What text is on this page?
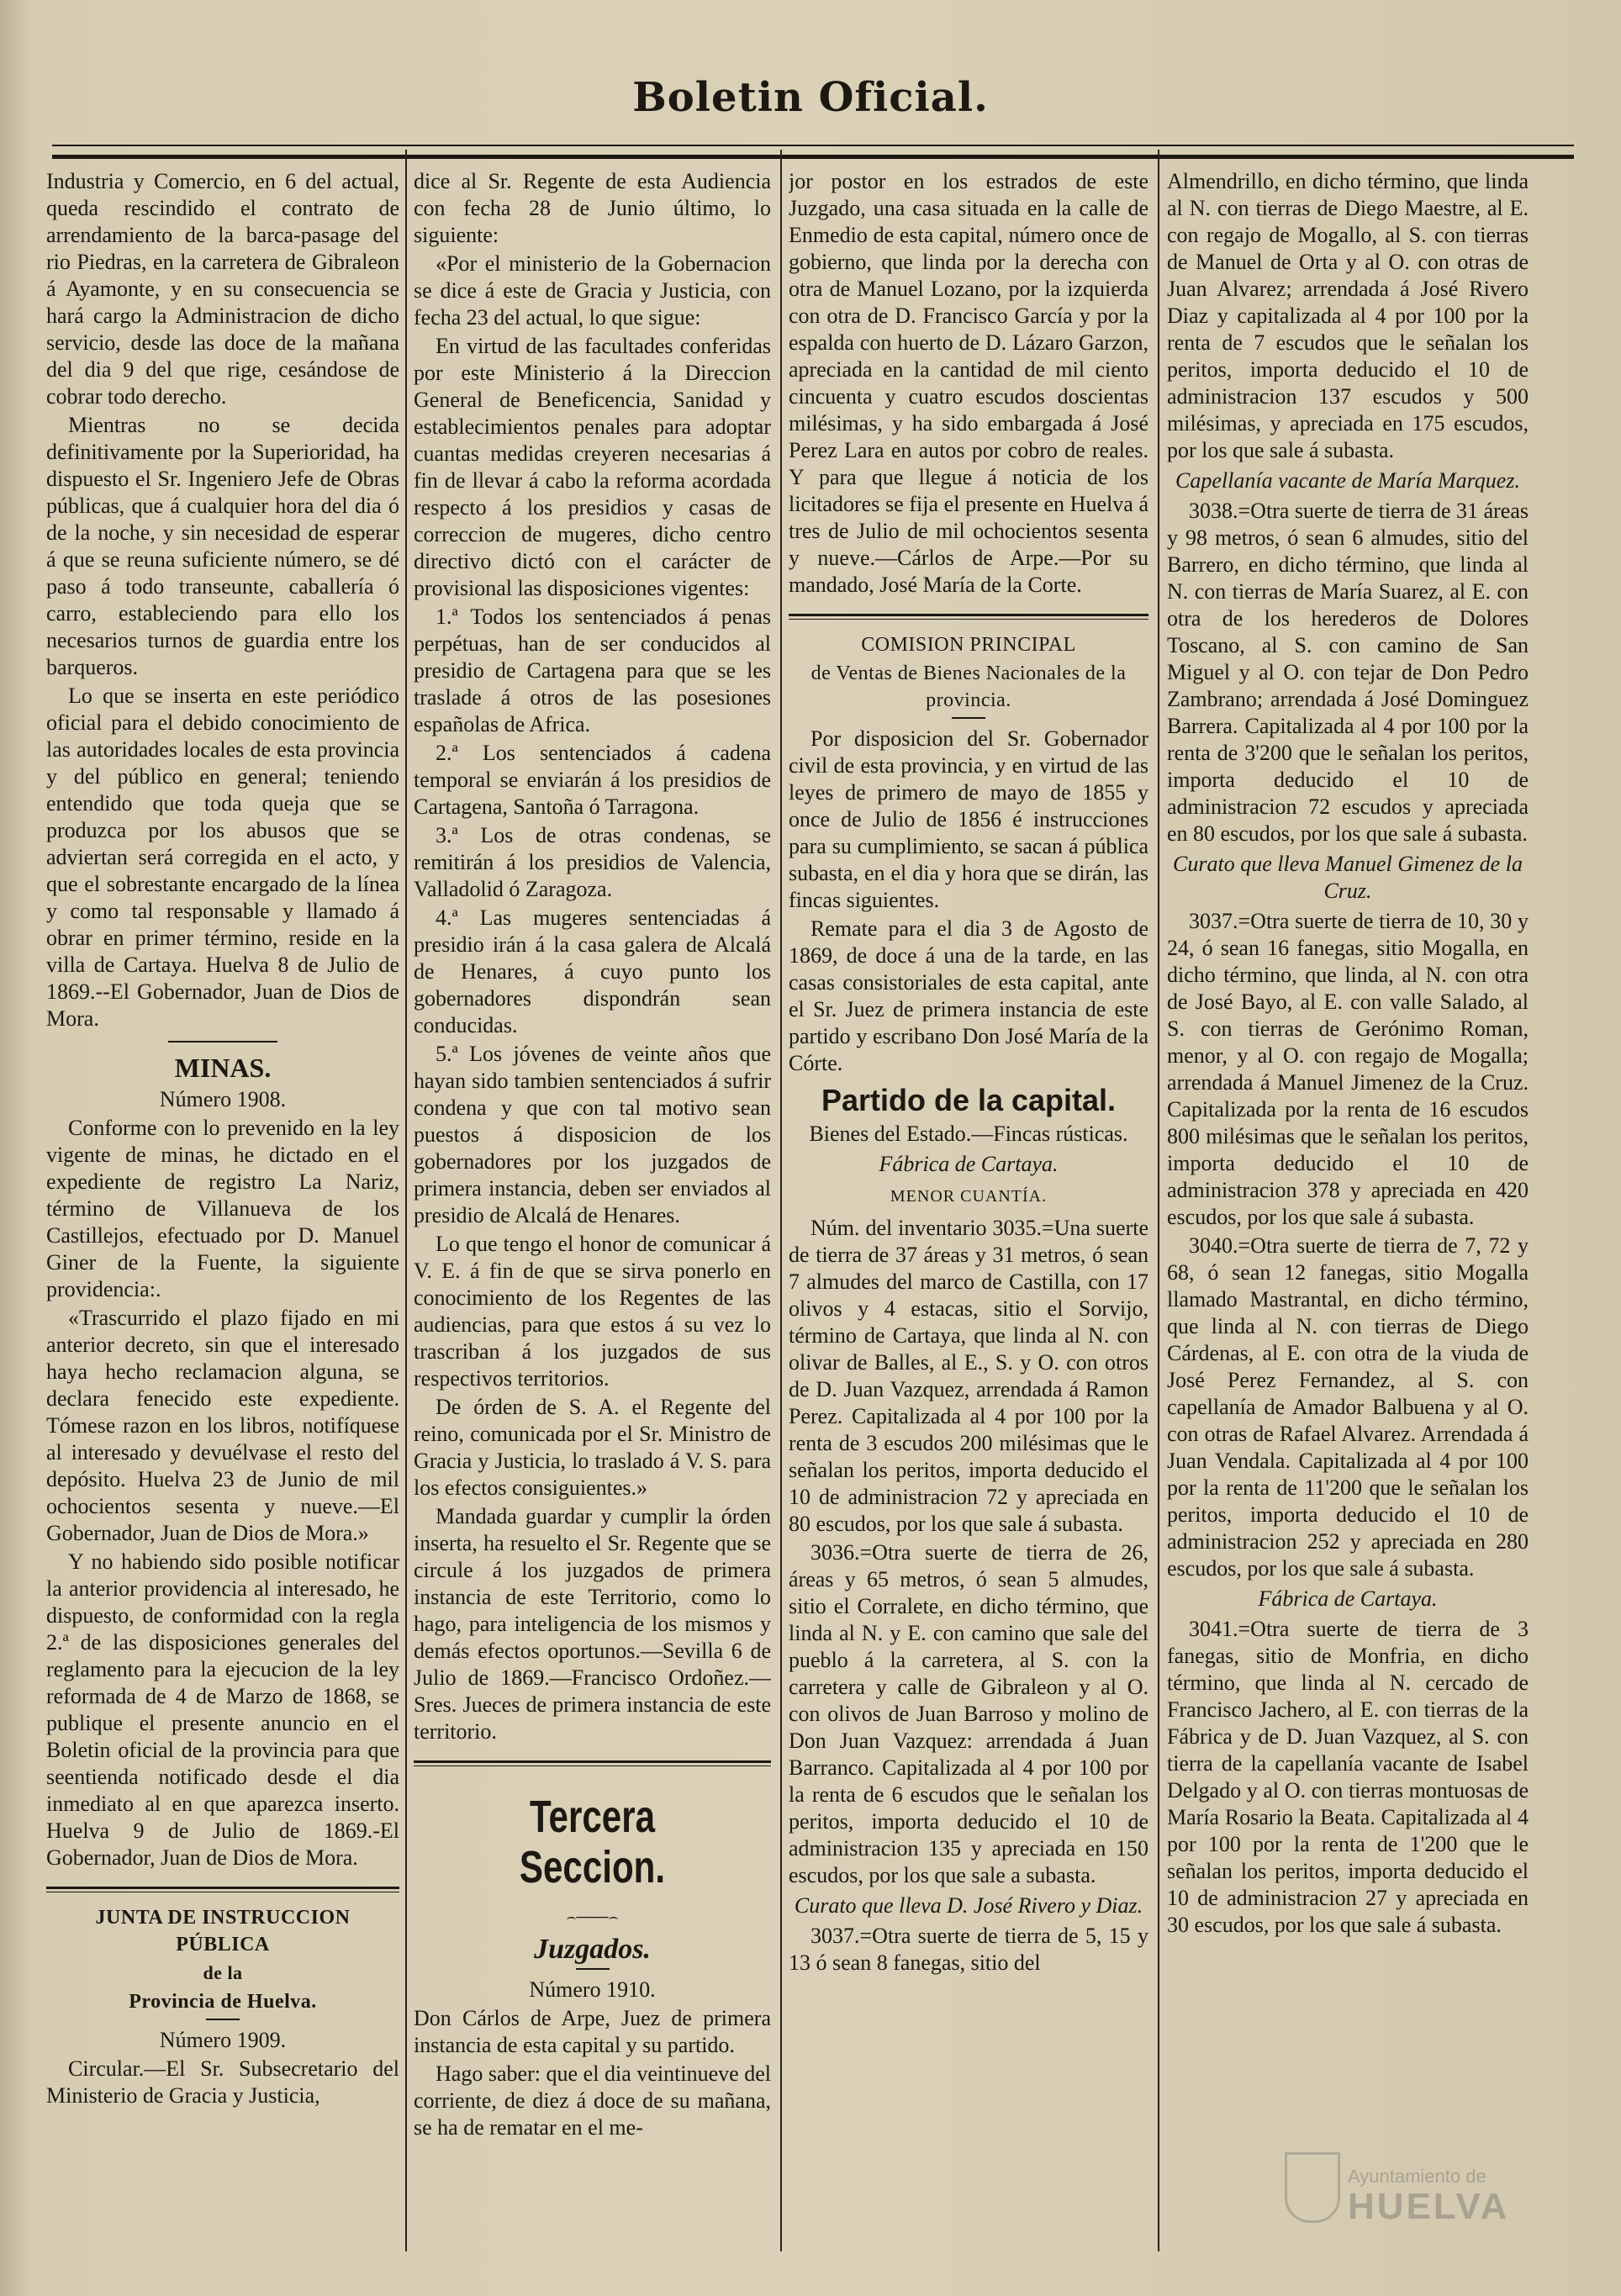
Boletin Oficial.

Industria y Comercio, en 6 del actual, queda rescindido el contrato de arrendamiento de la barca-pasage del rio Piedras, en la carretera de Gibraleon á Ayamonte, y en su consecuencia se hará cargo la Administracion de dicho servicio, desde las doce de la mañana del dia 9 del que rige, cesándose de cobrar todo derecho.

Mientras no se decida definitivamente por la Superioridad, ha dispuesto el Sr. Ingeniero Jefe de Obras públicas, que á cualquier hora del dia ó de la noche, y sin necesidad de esperar á que se reuna suficiente número, se dé paso á todo transeunte, caballería ó carro, estableciendo para ello los necesarios turnos de guardia entre los barqueros.

Lo que se inserta en este periódico oficial para el debido conocimiento de las autoridades locales de esta provincia y del público en general; teniendo entendido que toda queja que se produzca por los abusos que se adviertan será corregida en el acto, y que el sobrestante encargado de la línea y como tal responsable y llamado á obrar en primer término, reside en la villa de Cartaya. Huelva 8 de Julio de 1869.--El Gobernador, Juan de Dios de Mora.

MINAS.

Número 1908.

Conforme con lo prevenido en la ley vigente de minas, he dictado en el expediente de registro La Nariz, término de Villanueva de los Castillejos, efectuado por D. Manuel Giner de la Fuente, la siguiente providencia:.

«Trascurrido el plazo fijado en mi anterior decreto, sin que el interesado haya hecho reclamacion alguna, se declara fenecido este expediente. Tómese razon en los libros, notifíquese al interesado y devuélvase el resto del depósito. Huelva 23 de Junio de mil ochocientos sesenta y nueve.—El Gobernador, Juan de Dios de Mora.»

Y no habiendo sido posible notificar la anterior providencia al interesado, he dispuesto, de conformidad con la regla 2.ª de las disposiciones generales del reglamento para la ejecucion de la ley reformada de 4 de Marzo de 1868, se publique el presente anuncio en el Boletin oficial de la provincia para que seentienda notificado desde el dia inmediato al en que aparezca inserto. Huelva 9 de Julio de 1869.-El Gobernador, Juan de Dios de Mora.

JUNTA DE INSTRUCCION PÚBLICA

de la

Provincia de Huelva.

Número 1909.

Circular.—El Sr. Subsecretario del Ministerio de Gracia y Justicia,

dice al Sr. Regente de esta Audiencia con fecha 28 de Junio último, lo siguiente:

«Por el ministerio de la Gobernacion se dice á este de Gracia y Justicia, con fecha 23 del actual, lo que sigue:

En virtud de las facultades conferidas por este Ministerio á la Direccion General de Beneficencia, Sanidad y establecimientos penales para adoptar cuantas medidas creyeren necesarias á fin de llevar á cabo la reforma acordada respecto á los presidios y casas de correccion de mugeres, dicho centro directivo dictó con el carácter de provisional las disposiciones vigentes:

1.ª Todos los sentenciados á penas perpétuas, han de ser conducidos al presidio de Cartagena para que se les traslade á otros de las posesiones españolas de Africa.

2.ª Los sentenciados á cadena temporal se enviarán á los presidios de Cartagena, Santoña ó Tarragona.

3.ª Los de otras condenas, se remitirán á los presidios de Valencia, Valladolid ó Zaragoza.

4.ª Las mugeres sentenciadas á presidio irán á la casa galera de Alcalá de Henares, á cuyo punto los gobernadores dispondrán sean conducidas.

5.ª Los jóvenes de veinte años que hayan sido tambien sentenciados á sufrir condena y que con tal motivo sean puestos á disposicion de los gobernadores por los juzgados de primera instancia, deben ser enviados al presidio de Alcalá de Henares.

Lo que tengo el honor de comunicar á V. E. á fin de que se sirva ponerlo en conocimiento de los Regentes de las audiencias, para que estos á su vez lo trascriban á los juzgados de sus respectivos territorios.

De órden de S. A. el Regente del reino, comunicada por el Sr. Ministro de Gracia y Justicia, lo traslado á V. S. para los efectos consiguientes.»

Mandada guardar y cumplir la órden inserta, ha resuelto el Sr. Regente que se circule á los juzgados de primera instancia de este Territorio, como lo hago, para inteligencia de los mismos y demás efectos oportunos.—Sevilla 6 de Julio de 1869.—Francisco Ordoñez.—Sres. Jueces de primera instancia de este territorio.

Tercera Seccion.
⌢───⌢
Juzgados.

Número 1910.

Don Cárlos de Arpe, Juez de primera instancia de esta capital y su partido.

Hago saber: que el dia veintinueve del corriente, de diez á doce de su mañana, se ha de rematar en el me-

jor postor en los estrados de este Juzgado, una casa situada en la calle de Enmedio de esta capital, número once de gobierno, que linda por la derecha con otra de Manuel Lozano, por la izquierda con otra de D. Francisco García y por la espalda con huerto de D. Lázaro Garzon, apreciada en la cantidad de mil ciento cincuenta y cuatro escudos doscientas milésimas, y ha sido embargada á José Perez Lara en autos por cobro de reales. Y para que llegue á noticia de los licitadores se fija el presente en Huelva á tres de Julio de mil ochocientos sesenta y nueve.—Cárlos de Arpe.—Por su mandado, José María de la Corte.

COMISION PRINCIPAL

de Ventas de Bienes Nacionales de la provincia.

Por disposicion del Sr. Gobernador civil de esta provincia, y en virtud de las leyes de primero de mayo de 1855 y once de Julio de 1856 é instrucciones para su cumplimiento, se sacan á pública subasta, en el dia y hora que se dirán, las fincas siguientes.

Remate para el dia 3 de Agosto de 1869, de doce á una de la tarde, en las casas consistoriales de esta capital, ante el Sr. Juez de primera instancia de este partido y escribano Don José María de la Córte.

Partido de la capital.

Bienes del Estado.—Fincas rústicas.

Fábrica de Cartaya.

MENOR CUANTÍA.

Núm. del inventario 3035.=Una suerte de tierra de 37 áreas y 31 metros, ó sean 7 almudes del marco de Castilla, con 17 olivos y 4 estacas, sitio el Sorvijo, término de Cartaya, que linda al N. con olivar de Balles, al E., S. y O. con otros de D. Juan Vazquez, arrendada á Ramon Perez. Capitalizada al 4 por 100 por la renta de 3 escudos 200 milésimas que le señalan los peritos, importa deducido el 10 de administracion 72 y apreciada en 80 escudos, por los que sale á subasta.

3036.=Otra suerte de tierra de 26, áreas y 65 metros, ó sean 5 almudes, sitio el Corralete, en dicho término, que linda al N. y E. con camino que sale del pueblo á la carretera, al S. con la carretera y calle de Gibraleon y al O. con olivos de Juan Barroso y molino de Don Juan Vazquez: arrendada á Juan Barranco. Capitalizada al 4 por 100 por la renta de 6 escudos que le señalan los peritos, importa deducido el 10 de administracion 135 y apreciada en 150 escudos, por los que sale a subasta.

Curato que lleva D. José Rivero y Diaz.

3037.=Otra suerte de tierra de 5, 15 y 13 ó sean 8 fanegas, sitio del

Almendrillo, en dicho término, que linda al N. con tierras de Diego Maestre, al E. con regajo de Mogallo, al S. con tierras de Manuel de Orta y al O. con otras de Juan Alvarez; arrendada á José Rivero Diaz y capitalizada al 4 por 100 por la renta de 7 escudos que le señalan los peritos, importa deducido el 10 de administracion 137 escudos y 500 milésimas, y apreciada en 175 escudos, por los que sale á subasta.

Capellanía vacante de María Marquez.

3038.=Otra suerte de tierra de 31 áreas y 98 metros, ó sean 6 almudes, sitio del Barrero, en dicho término, que linda al N. con tierras de María Suarez, al E. con otra de los herederos de Dolores Toscano, al S. con camino de San Miguel y al O. con tejar de Don Pedro Zambrano; arrendada á José Dominguez Barrera. Capitalizada al 4 por 100 por la renta de 3'200 que le señalan los peritos, importa deducido el 10 de administracion 72 escudos y apreciada en 80 escudos, por los que sale á subasta.

Curato que lleva Manuel Gimenez de la Cruz.

3037.=Otra suerte de tierra de 10, 30 y 24, ó sean 16 fanegas, sitio Mogalla, en dicho término, que linda, al N. con otra de José Bayo, al E. con valle Salado, al S. con tierras de Gerónimo Roman, menor, y al O. con regajo de Mogalla; arrendada á Manuel Jimenez de la Cruz. Capitalizada por la renta de 16 escudos 800 milésimas que le señalan los peritos, importa deducido el 10 de administracion 378 y apreciada en 420 escudos, por los que sale á subasta.

3040.=Otra suerte de tierra de 7, 72 y 68, ó sean 12 fanegas, sitio Mogalla llamado Mastrantal, en dicho término, que linda al N. con tierras de Diego Cárdenas, al E. con otra de la viuda de José Perez Fernandez, al S. con capellanía de Amador Balbuena y al O. con otras de Rafael Alvarez. Arrendada á Juan Vendala. Capitalizada al 4 por 100 por la renta de 11'200 que le señalan los peritos, importa deducido el 10 de administracion 252 y apreciada en 280 escudos, por los que sale á subasta.

Fábrica de Cartaya.

3041.=Otra suerte de tierra de 3 fanegas, sitio de Monfria, en dicho término, que linda al N. cercado de Francisco Jachero, al E. con tierras de la Fábrica y de D. Juan Vazquez, al S. con tierra de la capellanía vacante de Isabel Delgado y al O. con tierras montuosas de María Rosario la Beata. Capitalizada al 4 por 100 por la renta de 1'200 que le señalan los peritos, importa deducido el 10 de administracion 27 y apreciada en 30 escudos, por los que sale á subasta.

Ayuntamiento de
HUELVA
